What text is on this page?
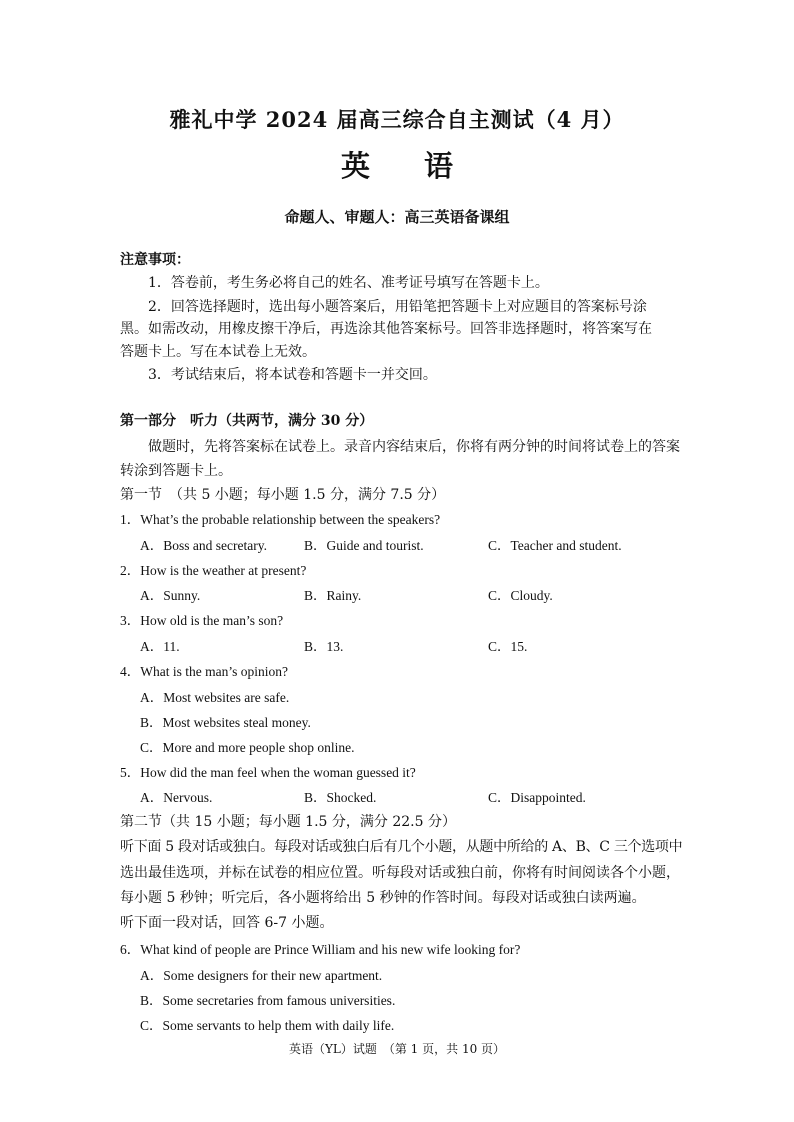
雅礼中学 2024 届高三综合自主测试（4 月）
英 语
命题人、审题人：高三英语备课组
注意事项：
1．答卷前，考生务必将自己的姓名、准考证号填写在答题卡上。
2．回答选择题时，选出每小题答案后，用铅笔把答题卡上对应题目的答案标号涂
黑。如需改动，用橡皮擦干净后，再选涂其他答案标号。回答非选择题时，将答案写在
答题卡上。写在本试卷上无效。
3．考试结束后，将本试卷和答题卡一并交回。
第一部分　听力（共两节，满分 30 分）
做题时，先将答案标在试卷上。录音内容结束后，你将有两分钟的时间将试卷上的答案
转涂到答题卡上。
第一节　（共 5 小题；每小题 1.5 分，满分 7.5 分）
1．What’s the probable relationship between the speakers?
A．Boss and secretary.	B．Guide and tourist.	C．Teacher and student.
2．How is the weather at present?
A．Sunny.	B．Rainy.	C．Cloudy.
3．How old is the man’s son?
A．11.	B．13.	C．15.
4．What is the man’s opinion?
A．Most websites are safe.
B．Most websites steal money.
C．More and more people shop online.
5．How did the man feel when the woman guessed it?
A．Nervous.	B．Shocked.	C．Disappointed.
第二节（共 15 小题；每小题 1.5 分，满分 22.5 分）
听下面 5 段对话或独白。每段对话或独白后有几个小题，从题中所给的 A、B、C 三个选项中
选出最佳选项，并标在试卷的相应位置。听每段对话或独白前，你将有时间阅读各个小题，
每小题 5 秒钟；听完后，各小题将给出 5 秒钟的作答时间。每段对话或独白读两遍。
听下面一段对话，回答 6-7 小题。
6．What kind of people are Prince William and his new wife looking for?
A．Some designers for their new apartment.
B．Some secretaries from famous universities.
C．Some servants to help them with daily life.
英语（YL）试题　（第 1 页，共 10 页）
